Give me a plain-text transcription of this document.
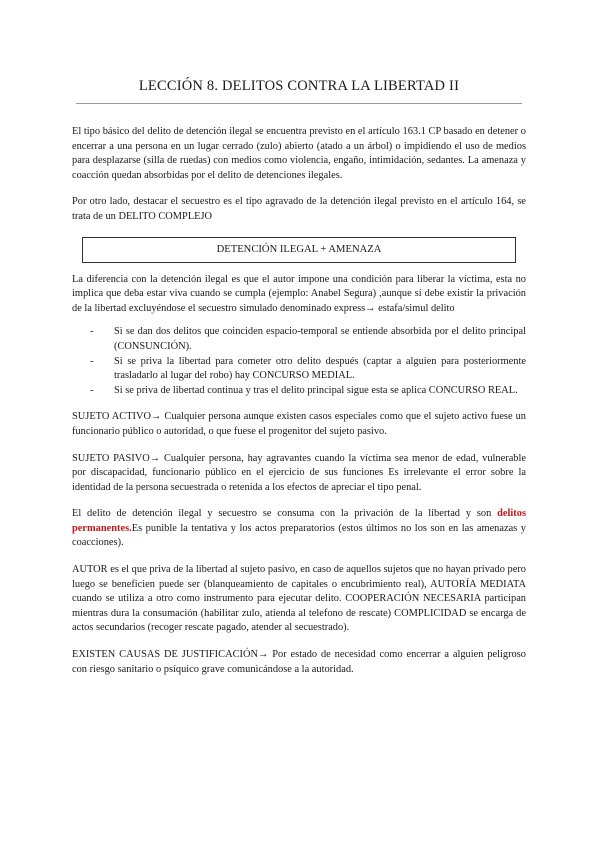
LECCIÓN 8. DELITOS CONTRA LA LIBERTAD II

El tipo básico del delito de detención ilegal se encuentra previsto en el artículo 163.1 CP basado en detener o encerrar a una persona en un lugar cerrado (zulo) abierto (atado a un árbol) o impidiendo el uso de medios para desplazarse (silla de ruedas) con medios como violencia, engaño, intimidación, sedantes. La amenaza y coacción quedan absorbidas por el delito de detenciones ilegales.

Por otro lado, destacar el secuestro es el tipo agravado de la detención ilegal previsto en el artículo 164, se trata de un DELITO COMPLEJO

DETENCIÓN ILEGAL + AMENAZA

La diferencia con la detención ilegal es que el autor impone una condición para liberar la víctima, esta no implica que deba estar viva cuando se cumpla (ejemplo: Anabel Segura) ,aunque sí debe existir la privación de la libertad excluyéndose el secuestro simulado denominado express→ estafa/simul delito

- Si se dan dos delitos que coinciden espacio-temporal se entiende absorbida por el delito principal (CONSUNCIÓN).
- Si se priva la libertad para cometer otro delito después (captar a alguien para posteriormente trasladarlo al lugar del robo) hay CONCURSO MEDIAL.
- Si se priva de libertad continua y tras el delito principal sigue esta se aplica CONCURSO REAL.

SUJETO ACTIVO→ Cualquier persona aunque existen casos especiales como que el sujeto activo fuese un funcionario público o autoridad, o que fuese el progenitor del sujeto pasivo.

SUJETO PASIVO→ Cualquier persona, hay agravantes cuando la víctima sea menor de edad, vulnerable por discapacidad, funcionario público en el ejercicio de sus funciones Es irrelevante el error sobre la identidad de la persona secuestrada o retenida a los efectos de apreciar el tipo penal.

El delito de detención ilegal y secuestro se consuma con la privación de la libertad y son delitos permanentes.Es punible la tentativa y los actos preparatorios (estos últimos no los son en las amenazas y coacciones).

AUTOR es el que priva de la libertad al sujeto pasivo, en caso de aquellos sujetos que no hayan privado pero luego se beneficien puede ser (blanqueamiento de capitales o encubrimiento real), AUTORÍA MEDIATA cuando se utiliza a otro como instrumento para ejecutar delito. COOPERACIÓN NECESARIA participan mientras dura la consumación (habilitar zulo, atienda al telefono de rescate) COMPLICIDAD se encarga de actos secundarios (recoger rescate pagado, atender al secuestrado).

EXISTEN CAUSAS DE JUSTIFICACIÓN→ Por estado de necesidad como encerrar a alguien peligroso con riesgo sanitario o psíquico grave comunicándose a la autoridad.
